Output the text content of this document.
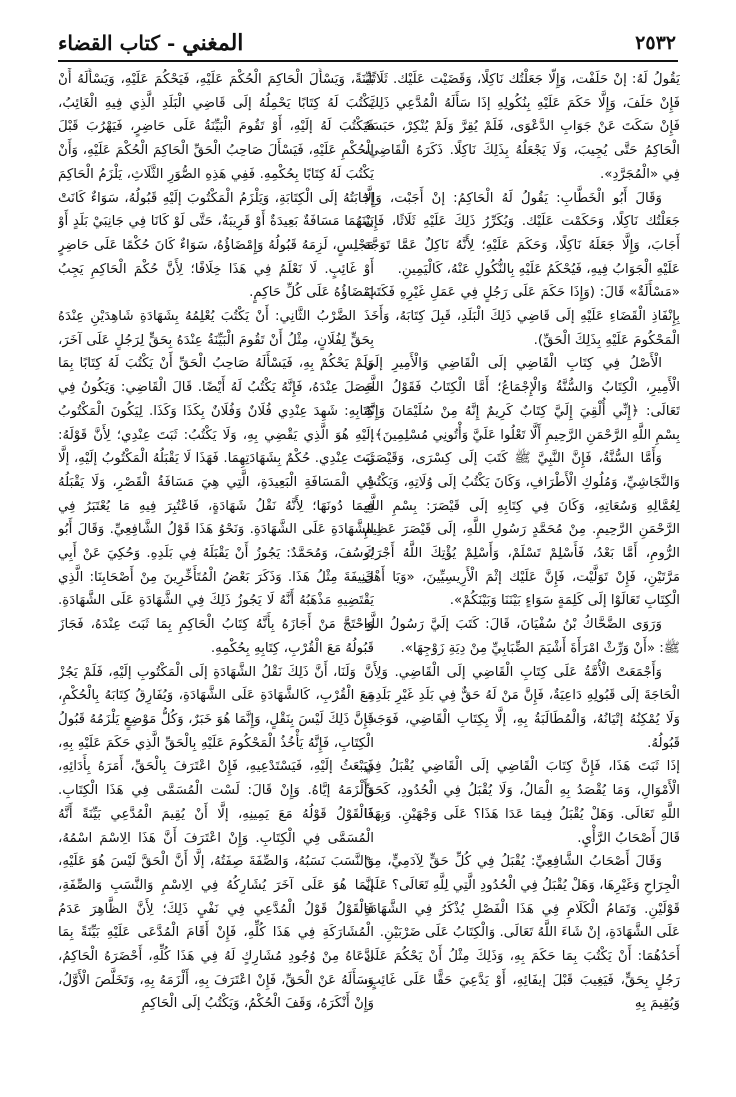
٢٥٣٢
المغني - كتاب القضاء

يَقُولُ لَهُ: إنْ حَلَفْت، وَإِلَّا جَعَلْتُك نَاكِلًا، وَقَضَيْت عَلَيْك. ثَلَاثًا، فَإِنْ حَلَفَ، وَإِلَّا حَكَمَ عَلَيْهِ بِنُكُولِهِ إذَا سَأَلَهُ الْمُدَّعِي ذَلِكَ. فَإِنْ سَكَتَ عَنْ جَوَابِ الدَّعْوَى، فَلَمْ يُقِرَّ وَلَمْ يُنْكِرْ، حَبَسَهُ الْحَاكِمُ حَتَّى يُجِيبَ، وَلَا يَجْعَلُهُ بِذَلِكَ نَاكِلًا. ذَكَرَهُ الْقَاضِي، فِي «الْمُجَرَّدِ».

وَقَالَ أَبُو الْخَطَّابِ: يَقُولُ لَهُ الْحَاكِمُ: إنْ أَجَبْت، وَإِلَّا جَعَلْتُك نَاكِلًا، وَحَكَمْت عَلَيْك. وَيُكَرِّرُ ذَلِكَ عَلَيْهِ ثَلَاثًا، فَإِنْ أَجَابَ، وَإِلَّا جَعَلَهُ نَاكِلًا، وَحَكَمَ عَلَيْهِ؛ لِأَنَّهُ نَاكِلٌ عَمَّا تَوَجَّهَ عَلَيْهِ الْجَوَابُ فِيهِ، فَيُحْكَمُ عَلَيْهِ بِالنُّكُولِ عَنْهُ، كَالْيَمِينِ.

«مَسْأَلَةٌ» قَالَ: (وَإِذَا حَكَمَ عَلَى رَجُلٍ فِي عَمَلِ غَيْرِهِ فَكَتَبَ بِإِنْفَاذِ الْقَضَاءِ عَلَيْهِ إلَى قَاضِي ذَلِكَ الْبَلَدِ، قَبِلَ كِتَابَهُ، وَأَخَذَ الْمَحْكُومَ عَلَيْهِ بِذَلِكَ الْحَقِّ).

الْأَصْلُ فِي كِتَابِ الْقَاضِي إلَى الْقَاضِي وَالْأَمِيرِ إلَى الْأَمِيرِ، الْكِتَابُ وَالسُّنَّةُ وَالْإِجْمَاعُ؛ أَمَّا الْكِتَابُ فَقَوْلُ اللَّهِ تَعَالَى: ﴿إِنِّي أُلْقِيَ إِلَيَّ كِتَابٌ كَرِيمٌ إِنَّهُ مِنْ سُلَيْمَانَ وَإِنَّهُ بِسْمِ اللَّهِ الرَّحْمَنِ الرَّحِيمِ أَلَّا تَعْلُوا عَلَيَّ وَأْتُونِي مُسْلِمِينَ﴾.

وَأَمَّا السُّنَّةُ، فَإِنَّ النَّبِيَّ ﷺ كَتَبَ إلَى كِسْرَى، وَقَيْصَرَ، وَالنَّجَاشِيِّ، وَمُلُوكِ الْأَطْرَافِ، وَكَانَ يَكْتُبُ إلَى وُلَاتِهِ، وَيَكْتُبُ لِعُمَّالِهِ وَسُعَاتِهِ، وَكَانَ فِي كِتَابِهِ إلَى قَيْصَرَ: بِسْمِ اللَّهِ الرَّحْمَنِ الرَّحِيمِ. مِنْ مُحَمَّدٍ رَسُولِ اللَّهِ، إلَى قَيْصَرَ عَظِيمِ الرُّومِ، أَمَّا بَعْدُ، فَأَسْلِمْ تَسْلَمْ، وَأَسْلِمْ يُؤْتِكَ اللَّهُ أَجْرَكَ مَرَّتَيْنِ، فَإِنْ تَوَلَّيْت، فَإِنَّ عَلَيْك إثْمَ الْأَرِيسِيِّينَ، «وَيَا أَهْلَ الْكِتَابِ تَعَالَوْا إلَى كَلِمَةٍ سَوَاءٍ بَيْنَنَا وَبَيْنَكُمْ».

وَرَوَى الضَّحَّاكُ بْنُ سُفْيَانَ، قَالَ: كَتَبَ إلَيَّ رَسُولُ اللَّهِ ﷺ: «أَنْ وَرِّثْ امْرَأَةَ أَشْيَمَ الضِّبَابِيِّ مِنْ دِيَةِ زَوْجِهَا».

وَأَجْمَعَتْ الْأُمَّةُ عَلَى كِتَابِ الْقَاضِي إلَى الْقَاضِي. وَلِأَنَّ الْحَاجَةَ إلَى قَبُولِهِ دَاعِيَةٌ، فَإِنَّ مَنْ لَهُ حَقٌّ فِي بَلَدِ غَيْرِ بَلَدِهِ، وَلَا يُمْكِنُهُ إتْيَانُهُ، وَالْمُطَالَبَةُ بِهِ، إلَّا بِكِتَابِ الْقَاضِي، فَوَجَبَ قَبُولُهُ.

إذَا ثَبَتَ هَذَا، فَإِنَّ كِتَابَ الْقَاضِي إلَى الْقَاضِي يُقْبَلُ فِي الْأَمْوَالِ، وَمَا يُقْصَدُ بِهِ الْمَالُ، وَلَا يُقْبَلُ فِي الْحُدُودِ، كَحَقِّ اللَّهِ تَعَالَى. وَهَلْ يُقْبَلُ فِيمَا عَدَا هَذَا؟ عَلَى وَجْهَيْنِ. وَبِهَذَا قَالَ أَصْحَابُ الرَّأْيِ.

وَقَالَ أَصْحَابُ الشَّافِعِيِّ: يُقْبَلُ فِي كُلِّ حَقٍّ لِآدَمِيٍّ، مِنْ الْجِرَاحِ وَغَيْرِهَا، وَهَلْ يُقْبَلُ فِي الْحُدُودِ الَّتِي لِلَّهِ تَعَالَى؟ عَلَى قَوْلَيْنِ. وَتَمَامُ الْكَلَامِ فِي هَذَا الْفَصْلِ يُذْكَرُ فِي الشَّهَادَةِ عَلَى الشَّهَادَةِ، إنْ شَاءَ اللَّهُ تَعَالَى. وَالْكِتَابُ عَلَى ضَرْبَيْنِ.

أَحَدُهُمَا: أَنْ يَكْتُبَ بِمَا حَكَمَ بِهِ، وَذَلِكَ مِثْلُ أَنْ يَحْكُمَ عَلَى رَجُلٍ بِحَقٍّ، فَيَغِيبَ قَبْلَ إيفَائِهِ، أَوْ يَدَّعِيَ حَقًّا عَلَى غَائِبٍ، وَيُقِيمَ بِهِ

بَيِّنَةً، وَيَسْأَلَ الْحَاكِمَ الْحُكْمَ عَلَيْهِ، فَيَحْكُمَ عَلَيْهِ، وَيَسْأَلَهُ أَنْ يَكْتُبَ لَهُ كِتَابًا يَحْمِلُهُ إلَى قَاضِي الْبَلَدِ الَّذِي فِيهِ الْغَائِبُ، فَيَكْتُبَ لَهُ إلَيْهِ، أَوْ تَقُومَ الْبَيِّنَةُ عَلَى حَاضِرٍ، فَيَهْرُبَ قَبْلَ الْحُكْمِ عَلَيْهِ، فَيَسْأَلَ صَاحِبُ الْحَقِّ الْحَاكِمَ الْحُكْمَ عَلَيْهِ، وَأَنْ يَكْتُبَ لَهُ كِتَابًا بِحُكْمِهِ. فَفِي هَذِهِ الصُّوَرِ الثَّلَاثِ، يَلْزَمُ الْحَاكِمَ إجَابَتُهُ إلَى الْكِتَابَةِ، وَيَلْزَمُ الْمَكْتُوبَ إلَيْهِ قَبُولُهُ، سَوَاءٌ كَانَتْ بَيْنَهُمَا مَسَافَةٌ بَعِيدَةٌ أَوْ قَرِيبَةٌ، حَتَّى لَوْ كَانَا فِي جَانِبَيْ بَلَدٍ أَوْ مَجْلِسٍ، لَزِمَهُ قَبُولُهُ وَإِمْضَاؤُهُ، سَوَاءٌ كَانَ حُكْمًا عَلَى حَاضِرٍ أَوْ غَائِبٍ. لَا نَعْلَمُ فِي هَذَا خِلَافًا؛ لِأَنَّ حُكْمَ الْحَاكِمِ يَجِبُ إمْضَاؤُهُ عَلَى كُلِّ حَاكِمٍ.

الضَّرْبُ الثَّانِي: أَنْ يَكْتُبَ يُعْلِمُهُ بِشَهَادَةِ شَاهِدَيْنِ عِنْدَهُ بِحَقٍّ لِفُلَانٍ، مِثْلُ أَنْ تَقُومَ الْبَيِّنَةُ عِنْدَهُ بِحَقٍّ لِرَجُلٍ عَلَى آخَرَ، وَلَمْ يَحْكُمْ بِهِ، فَيَسْأَلَهُ صَاحِبُ الْحَقِّ أَنْ يَكْتُبَ لَهُ كِتَابًا بِمَا حَصَلَ عِنْدَهُ، فَإِنَّهُ يَكْتُبُ لَهُ أَيْضًا. قَالَ الْقَاضِي: وَيَكُونُ فِي كِتَابِهِ: شَهِدَ عِنْدِي فُلَانٌ وَفُلَانٌ بِكَذَا وَكَذَا. لِيَكُونَ الْمَكْتُوبُ إلَيْهِ هُوَ الَّذِي يَقْضِي بِهِ، وَلَا يَكْتُبُ: ثَبَتَ عِنْدِي؛ لِأَنَّ قَوْلَهُ: ثَبَتَ عِنْدِي. حُكْمٌ بِشَهَادَتِهِمَا. فَهَذَا لَا يَقْبَلُهُ الْمَكْتُوبُ إلَيْهِ، إلَّا فِي الْمَسَافَةِ الْبَعِيدَةِ، الَّتِي هِيَ مَسَافَةُ الْقَصْرِ، وَلَا يَقْبَلُهُ فِيمَا دُونَهَا؛ لِأَنَّهُ نَقْلُ شَهَادَةٍ، فَاعْتُبِرَ فِيهِ مَا يُعْتَبَرُ فِي الشَّهَادَةِ عَلَى الشَّهَادَةِ. وَنَحْوُ هَذَا قَوْلُ الشَّافِعِيِّ. وَقَالَ أَبُو يُوسُفَ، وَمُحَمَّدٌ: يَجُوزُ أَنْ يَقْبَلَهُ فِي بَلَدِهِ. وَحُكِيَ عَنْ أَبِي حَنِيفَةَ مِثْلُ هَذَا. وَذَكَرَ بَعْضُ الْمُتَأَخِّرِينَ مِنْ أَصْحَابِنَا: الَّذِي يَقْتَضِيهِ مَذْهَبُهُ أَنَّهُ لَا يَجُوزُ ذَلِكَ فِي الشَّهَادَةِ عَلَى الشَّهَادَةِ. وَاحْتَجَّ مَنْ أَجَازَهُ بِأَنَّهُ كِتَابُ الْحَاكِمِ بِمَا ثَبَتَ عِنْدَهُ، فَجَازَ قَبُولُهُ مَعَ الْقُرْبِ، كِتَابِهِ بِحُكْمِهِ.

وَلَنَا، أَنَّ ذَلِكَ نَقْلُ الشَّهَادَةِ إلَى الْمَكْتُوبِ إلَيْهِ، فَلَمْ يَجُزْ مَعَ الْقُرْبِ، كَالشَّهَادَةِ عَلَى الشَّهَادَةِ، وَيُفَارِقُ كِتَابَهُ بِالْحُكْمِ، فَإِنَّ ذَلِكَ لَيْسَ بِنَقْلٍ، وَإِنَّمَا هُوَ خَبَرٌ، وَكُلُّ مَوْضِعٍ يَلْزَمُهُ قَبُولُ الْكِتَابِ، فَإِنَّهُ يَأْخُذُ الْمَحْكُومَ عَلَيْهِ بِالْحَقِّ الَّذِي حَكَمَ عَلَيْهِ بِهِ، فَيَبْعَثُ إلَيْهِ، فَيَسْتَدْعِيهِ، فَإِنْ اعْتَرَفَ بِالْحَقِّ، أَمَرَهُ بِأَدَائِهِ، وَأَلْزَمَهُ إيَّاهُ. وَإِنْ قَالَ: لَسْت الْمُسَمَّى فِي هَذَا الْكِتَابِ. فَالْقَوْلُ قَوْلُهُ مَعَ يَمِينِهِ، إلَّا أَنْ يُقِيمَ الْمُدَّعِي بَيِّنَةً أَنَّهُ الْمُسَمَّى فِي الْكِتَابِ. وَإِنْ اعْتَرَفَ أَنَّ هَذَا الِاسْمَ اسْمُهُ، وَالنَّسَبَ نَسَبُهُ، وَالصِّفَةَ صِفَتُهُ، إلَّا أَنَّ الْحَقَّ لَيْسَ هُوَ عَلَيْهِ، إنَّمَا هُوَ عَلَى آخَرَ يُشَارِكُهُ فِي الِاسْمِ وَالنَّسَبِ وَالصِّفَةِ، فَالْقَوْلُ قَوْلُ الْمُدَّعِي فِي نَفْيِ ذَلِكَ؛ لِأَنَّ الظَّاهِرَ عَدَمُ الْمُشَارَكَةِ فِي هَذَا كُلِّهِ، فَإِنْ أَقَامَ الْمُدَّعَى عَلَيْهِ بَيِّنَةً بِمَا ادَّعَاهُ مِنْ وُجُودِ مُشَارِكٍ لَهُ فِي هَذَا كُلِّهِ، أَحْضَرَهُ الْحَاكِمُ، وَسَأَلَهُ عَنْ الْحَقِّ، فَإِنْ اعْتَرَفَ بِهِ، أَلْزَمَهُ بِهِ، وَتَخَلَّصَ الْأَوَّلُ، وَإِنْ أَنْكَرَهُ، وَقَفَ الْحُكْمُ، وَيَكْتُبُ إلَى الْحَاكِمِ
